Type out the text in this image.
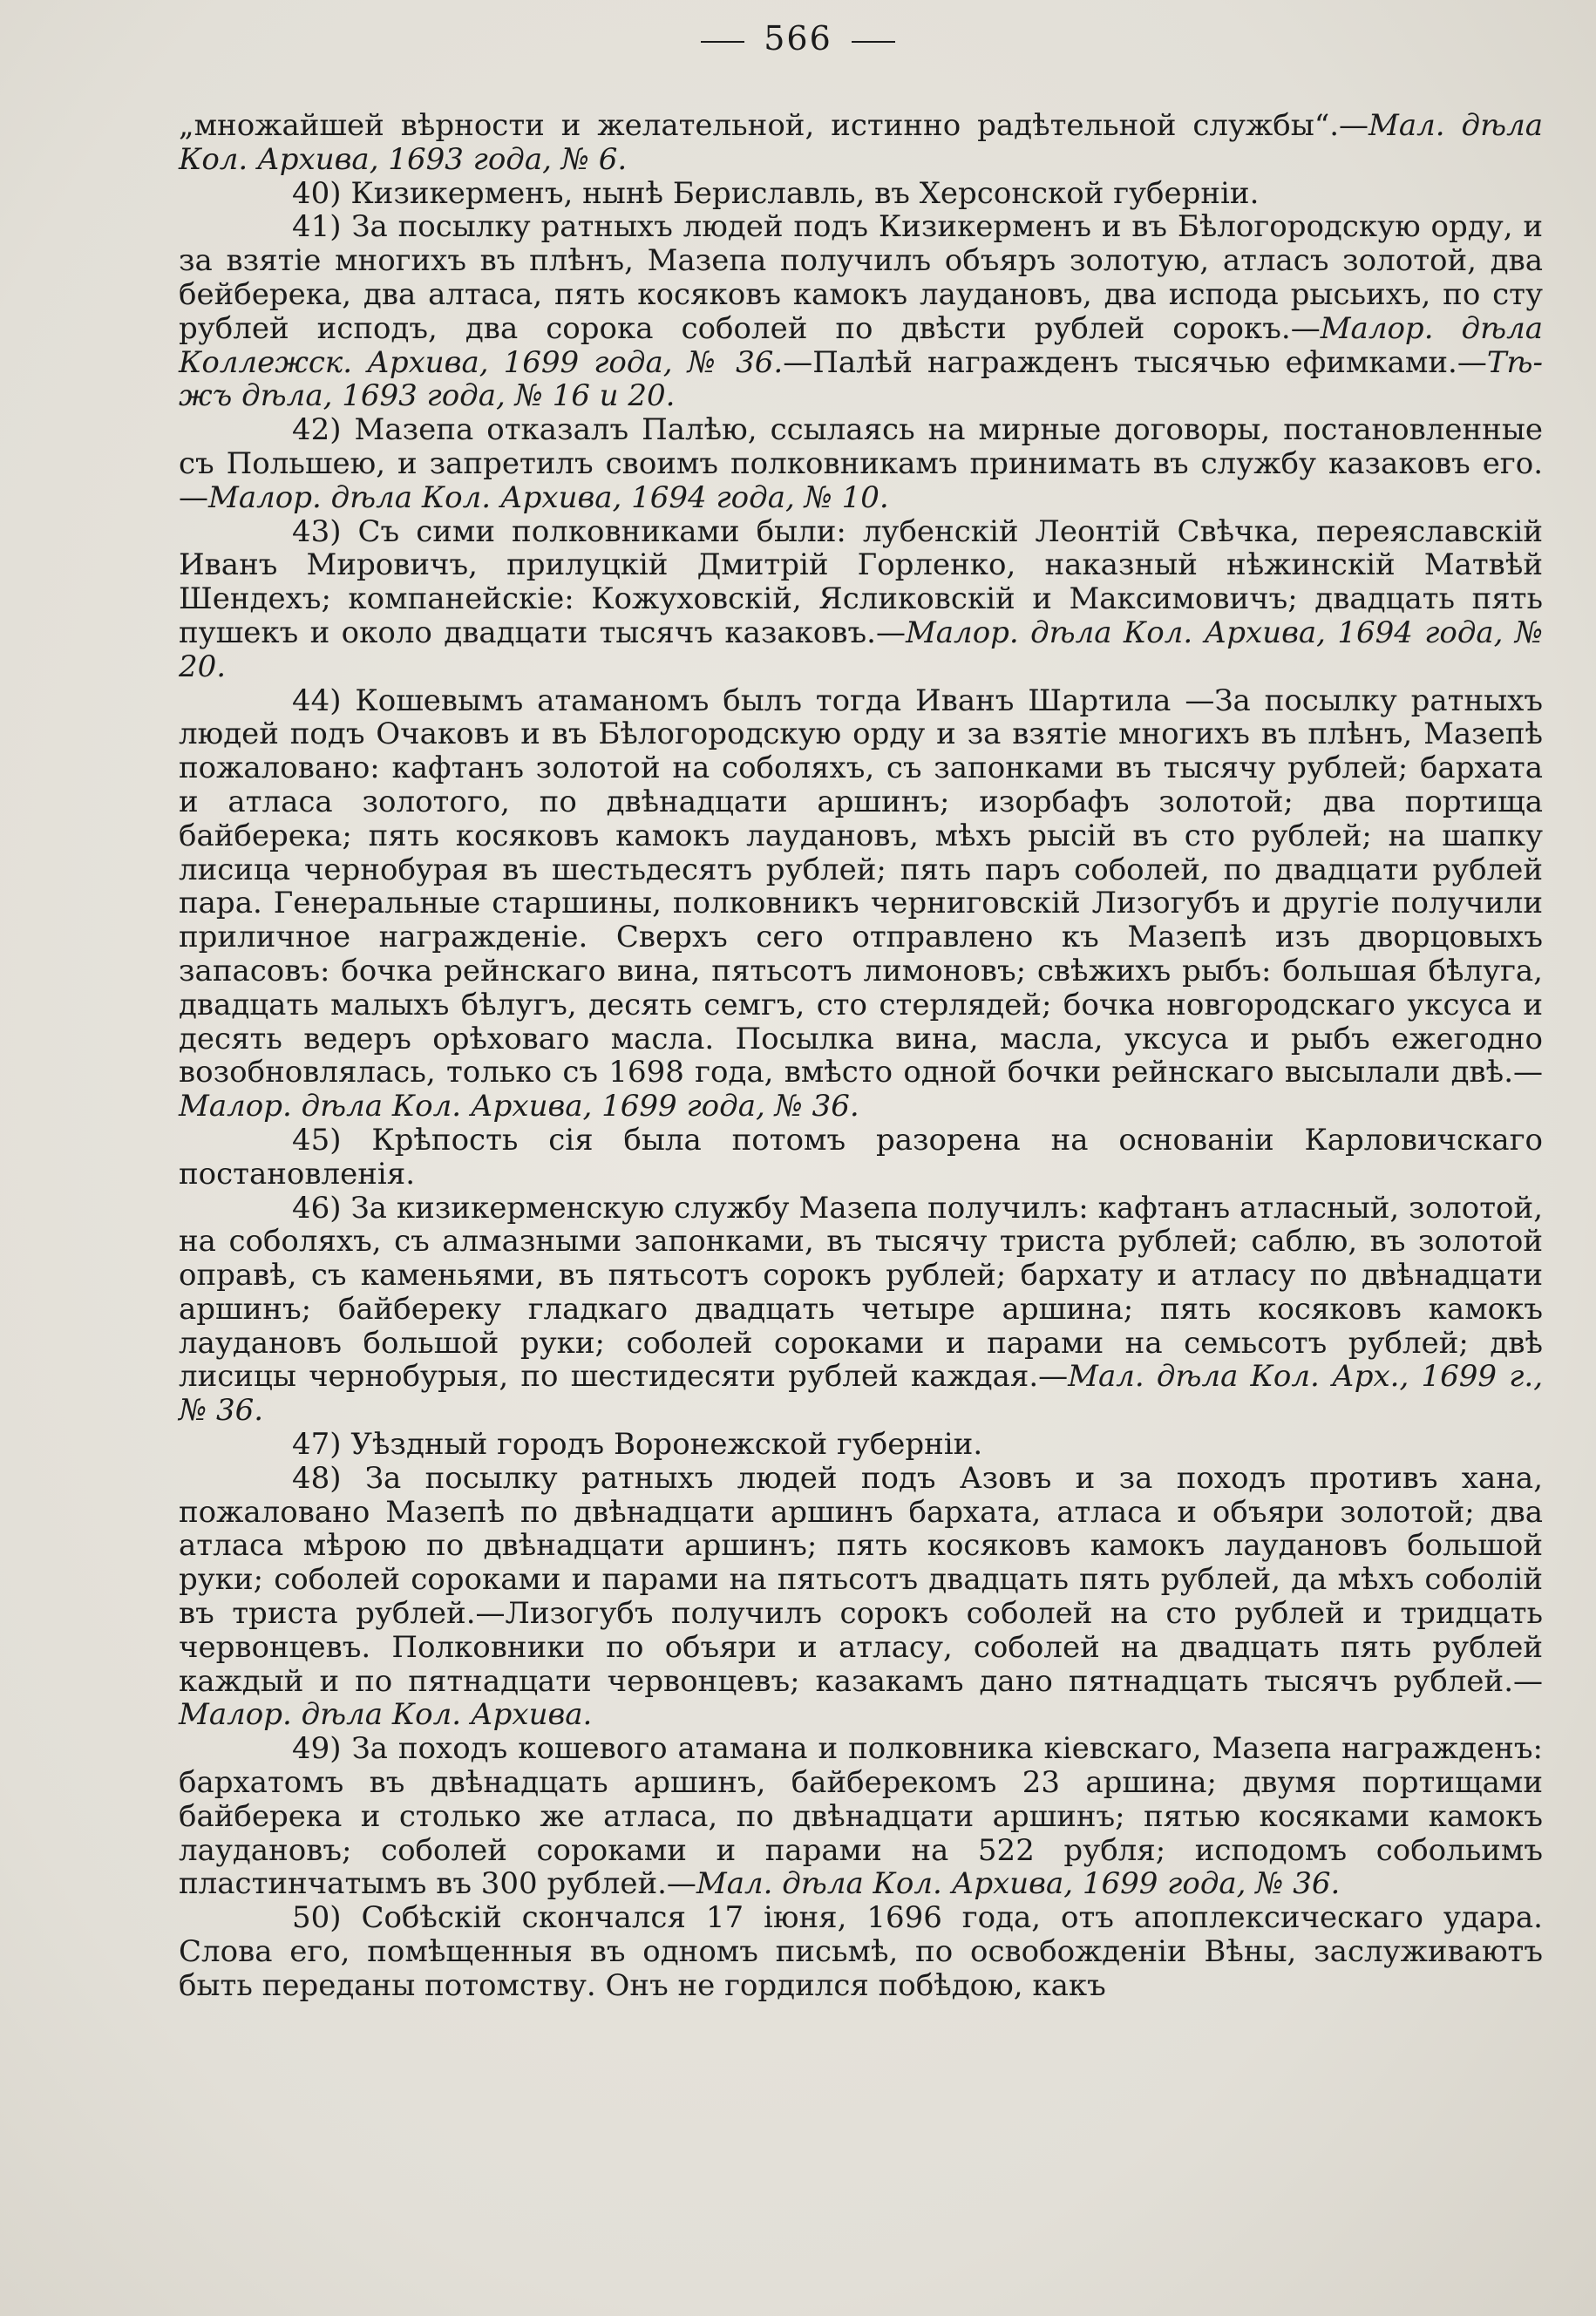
566

„множайшей вѣрности и желательной, истинно радѣтельной службы“.—Мал. дѣла Кол. Архива, 1693 года, № 6.

40) Кизикерменъ, нынѣ Бериславль, въ Херсонской губерніи.

41) За посылку ратныхъ людей подъ Кизикерменъ и въ Бѣлогородскую орду, и за взятіе многихъ въ плѣнъ, Мазепа получилъ объяръ золотую, атласъ золотой, два бейберека, два алтаса, пять косяковъ камокъ лаудановъ, два испода рысьихъ, по сту рублей исподъ, два сорока соболей по двѣсти рублей сорокъ.—Малор. дѣла Коллежск. Архива, 1699 года, № 36.—Палѣй награжденъ тысячью ефимками.—Тѣ-жъ дѣла, 1693 года, № 16 и 20.

42) Мазепа отказалъ Палѣю, ссылаясь на мирные договоры, постановленные съ Польшею, и запретилъ своимъ полковникамъ принимать въ службу казаковъ его.—Малор. дѣла Кол. Архива, 1694 года, № 10.

43) Съ сими полковниками были: лубенскій Леонтій Свѣчка, переяславскій Иванъ Мировичъ, прилуцкій Дмитрій Горленко, наказный нѣжинскій Матвѣй Шендехъ; компанейскіе: Кожуховскій, Ясликовскій и Максимовичъ; двадцать пять пушекъ и около двадцати тысячъ казаковъ.—Малор. дѣла Кол. Архива, 1694 года, № 20.

44) Кошевымъ атаманомъ былъ тогда Иванъ Шартила —За посылку ратныхъ людей подъ Очаковъ и въ Бѣлогородскую орду и за взятіе многихъ въ плѣнъ, Мазепѣ пожаловано: кафтанъ золотой на соболяхъ, съ запонками въ тысячу рублей; бархата и атласа золотого, по двѣнадцати аршинъ; изорбафъ золотой; два портища байберека; пять косяковъ камокъ лаудановъ, мѣхъ рысій въ сто рублей; на шапку лисица чернобурая въ шестьдесятъ рублей; пять паръ соболей, по двадцати рублей пара. Генеральные старшины, полковникъ черниговскій Лизогубъ и другіе получили приличное награжденіе. Сверхъ сего отправлено къ Мазепѣ изъ дворцовыхъ запасовъ: бочка рейнскаго вина, пятьсотъ лимоновъ; свѣжихъ рыбъ: большая бѣлуга, двадцать малыхъ бѣлугъ, десять семгъ, сто стерлядей; бочка новгородскаго уксуса и десять ведеръ орѣховаго масла. Посылка вина, масла, уксуса и рыбъ ежегодно возобновлялась, только съ 1698 года, вмѣсто одной бочки рейнскаго высылали двѣ.—Малор. дѣла Кол. Архива, 1699 года, № 36.

45) Крѣпость сія была потомъ разорена на основаніи Карловичскаго постановленія.

46) За кизикерменскую службу Мазепа получилъ: кафтанъ атласный, золотой, на соболяхъ, съ алмазными запонками, въ тысячу триста рублей; саблю, въ золотой оправѣ, съ каменьями, въ пятьсотъ сорокъ рублей; бархату и атласу по двѣнадцати аршинъ; байбереку гладкаго двадцать четыре аршина; пять косяковъ камокъ лаудановъ большой руки; соболей сороками и парами на семьсотъ рублей; двѣ лисицы чернобурыя, по шестидесяти рублей каждая.—Мал. дѣла Кол. Арх., 1699 г., № 36.

47) Уѣздный городъ Воронежской губерніи.

48) За посылку ратныхъ людей подъ Азовъ и за походъ противъ хана, пожаловано Мазепѣ по двѣнадцати аршинъ бархата, атласа и объяри золотой; два атласа мѣрою по двѣнадцати аршинъ; пять косяковъ камокъ лаудановъ большой руки; соболей сороками и парами на пятьсотъ двадцать пять рублей, да мѣхъ соболій въ триста рублей.—Лизогубъ получилъ сорокъ соболей на сто рублей и тридцать червонцевъ. Полковники по объяри и атласу, соболей на двадцать пять рублей каждый и по пятнадцати червонцевъ; казакамъ дано пятнадцать тысячъ рублей.—Малор. дѣла Кол. Архива.

49) За походъ кошевого атамана и полковника кіевскаго, Мазепа награжденъ: бархатомъ въ двѣнадцать аршинъ, байберекомъ 23 аршина; двумя портищами байберека и столько же атласа, по двѣнадцати аршинъ; пятью косяками камокъ лаудановъ; соболей сороками и парами на 522 рубля; исподомъ собольимъ пластинчатымъ въ 300 рублей.—Мал. дѣла Кол. Архива, 1699 года, № 36.

50) Собѣскій скончался 17 іюня, 1696 года, отъ апоплексическаго удара. Слова его, помѣщенныя въ одномъ письмѣ, по освобожденіи Вѣны, заслуживаютъ быть переданы потомству. Онъ не гордился побѣдою, какъ
